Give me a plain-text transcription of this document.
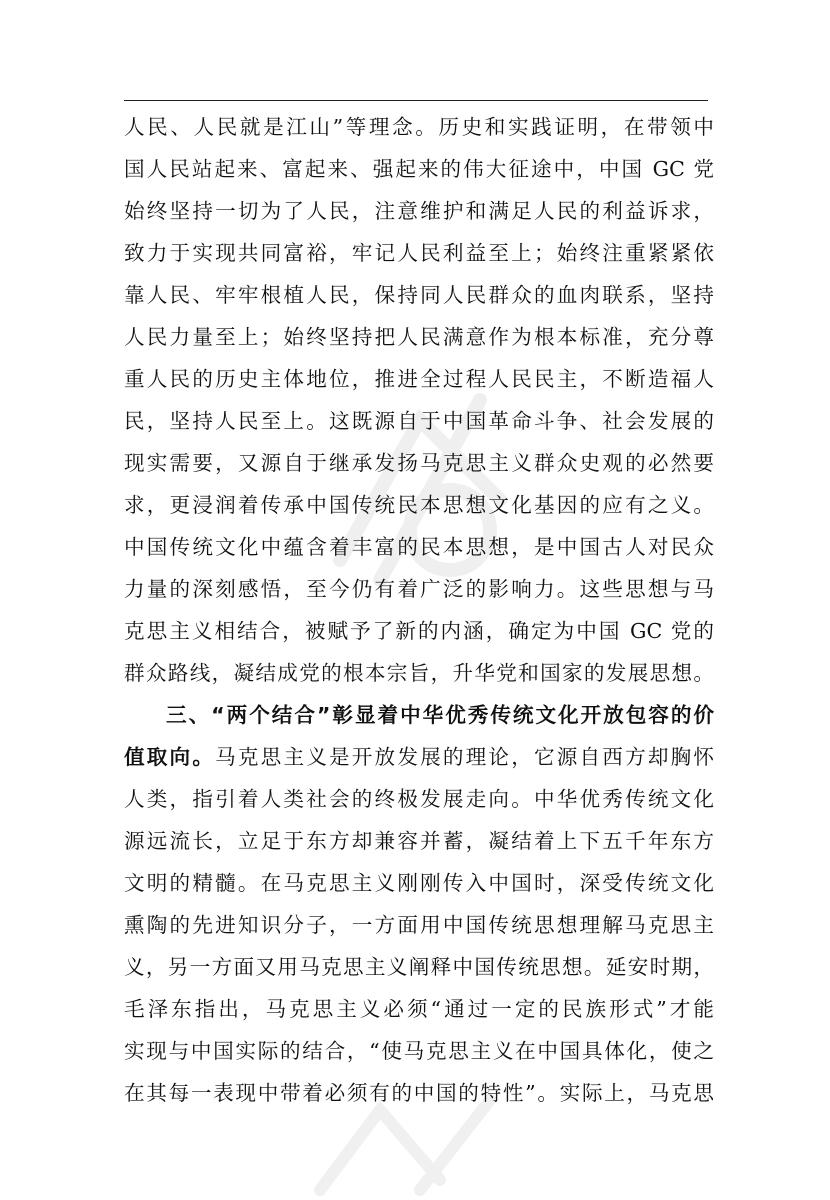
人民、人民就是江山”等理念。历史和实践证明，在带领中
国人民站起来、富起来、强起来的伟大征途中，中国 GC 党
始终坚持一切为了人民，注意维护和满足人民的利益诉求，
致力于实现共同富裕，牢记人民利益至上；始终注重紧紧依
靠人民、牢牢根植人民，保持同人民群众的血肉联系，坚持
人民力量至上；始终坚持把人民满意作为根本标准，充分尊
重人民的历史主体地位，推进全过程人民民主，不断造福人
民，坚持人民至上。这既源自于中国革命斗争、社会发展的
现实需要，又源自于继承发扬马克思主义群众史观的必然要
求，更浸润着传承中国传统民本思想文化基因的应有之义。
中国传统文化中蕴含着丰富的民本思想，是中国古人对民众
力量的深刻感悟，至今仍有着广泛的影响力。这些思想与马
克思主义相结合，被赋予了新的内涵，确定为中国 GC 党的
群众路线，凝结成党的根本宗旨，升华党和国家的发展思想。
三、“两个结合”彰显着中华优秀传统文化开放包容的价
值取向。马克思主义是开放发展的理论，它源自西方却胸怀
人类，指引着人类社会的终极发展走向。中华优秀传统文化
源远流长，立足于东方却兼容并蓄，凝结着上下五千年东方
文明的精髓。在马克思主义刚刚传入中国时，深受传统文化
熏陶的先进知识分子，一方面用中国传统思想理解马克思主
义，另一方面又用马克思主义阐释中国传统思想。延安时期，
毛泽东指出，马克思主义必须“通过一定的民族形式”才能
实现与中国实际的结合，“使马克思主义在中国具体化，使之
在其每一表现中带着必须有的中国的特性”。实际上，马克思
